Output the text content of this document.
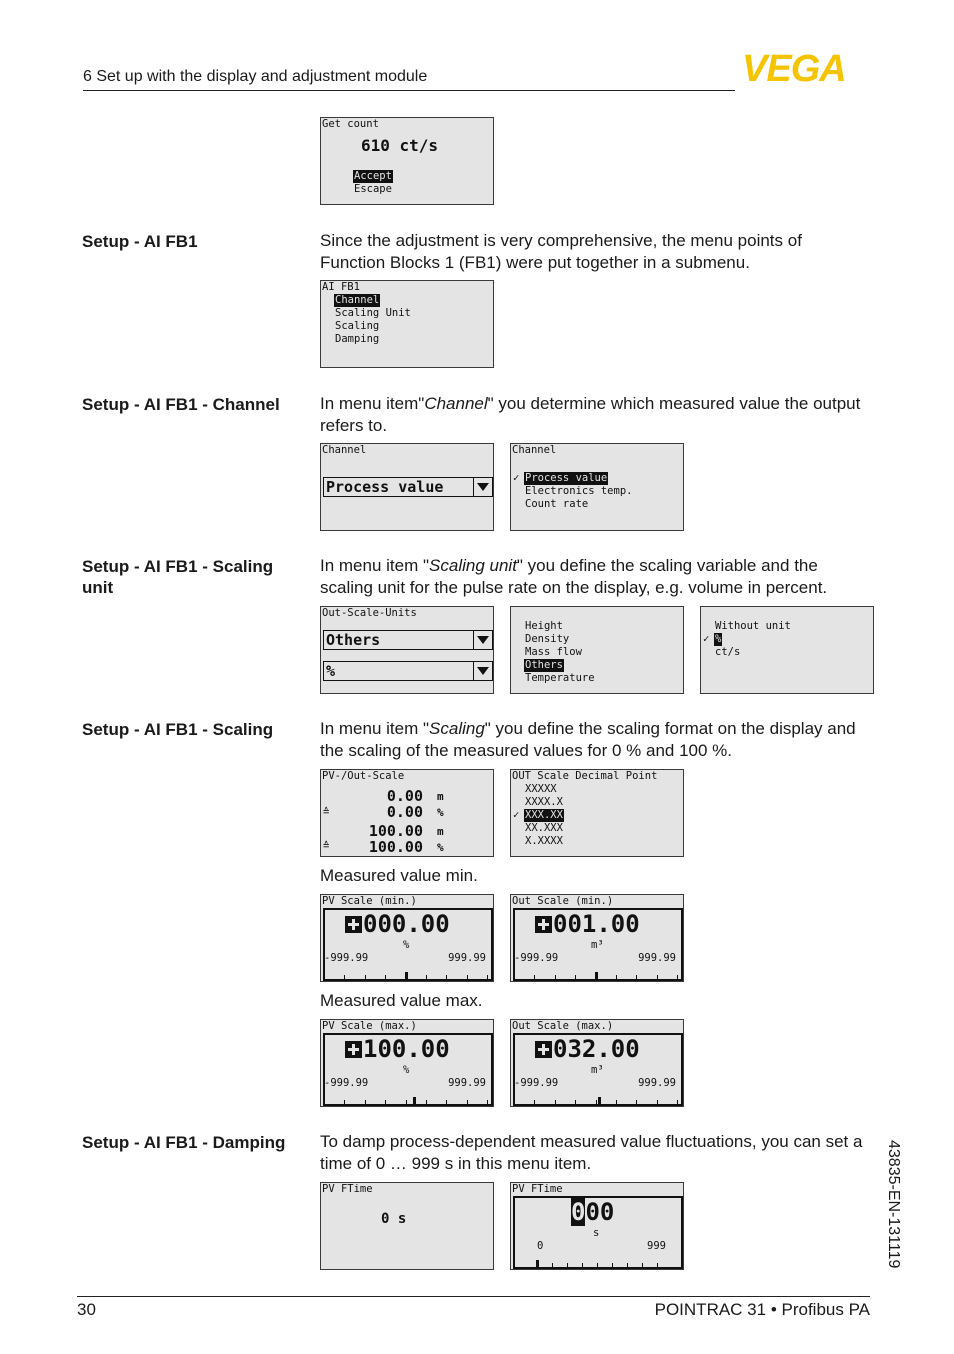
6 Set up with the display and adjustment module	VEGA
Get count
610 ct/s
Accept
Escape
Setup - AI FB1	Since the adjustment is very comprehensive, the menu points of Function Blocks 1 (FB1) were put together in a submenu.
AI FB1
Channel
Scaling Unit
Scaling
Damping
Setup - AI FB1 - Channel	In menu item"Channel" you determine which measured value the output refers to.
Channel
Process value
Channel
✓ Process value
Electronics temp.
Count rate
Setup - AI FB1 - Scaling unit
In menu item "Scaling unit" you define the scaling variable and the scaling unit for the pulse rate on the display, e.g. volume in percent.
Out-Scale-Units
Others
%
Height
Density
Mass flow
Others
Temperature
Without unit
✓ %
ct/s
Setup - AI FB1 - Scaling	In menu item "Scaling" you define the scaling format on the display and the scaling of the measured values for 0 % and 100 %.
PV-/Out-Scale
≙
≙
0.00 m
0.00 %
100.00 m
100.00 %
OUT Scale Decimal Point
XXXXX
XXXX.X
✓ XXX.XX
XX.XXX
X.XXXX
Measured value min.
PV Scale (min.)
000.00
%
-999.99	999.99
Out Scale (min.)
001.00
m³
-999.99	999.99
Measured value max.
PV Scale (max.)
100.00
%
-999.99	999.99
Out Scale (max.)
032.00
m³
-999.99	999.99
Setup - AI FB1 - Damping	To damp process-dependent measured value fluctuations, you can set a time of 0 … 999 s in this menu item.
PV FTime
0 s
PV FTime
000
s
0	999	43835-EN-131119
30	POINTRAC 31 • Profibus PA
